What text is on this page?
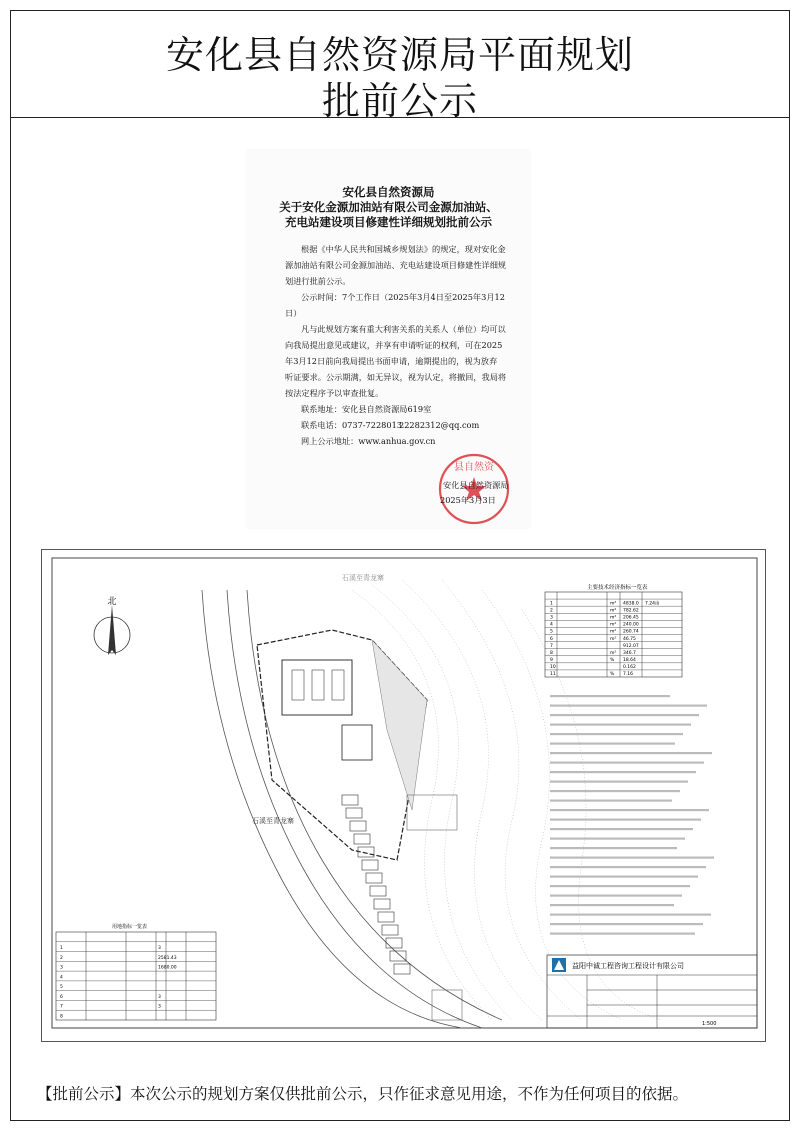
安化县自然资源局平面规划
批前公示
安化县自然资源局
关于安化金源加油站有限公司金源加油站、
充电站建设项目修建性详细规划批前公示
根据《中华人民共和国城乡规划法》的规定，现对安化金
源加油站有限公司金源加油站、充电站建设项目修建性详细规
划进行批前公示。
公示时间：7个工作日（2025年3月4日至2025年3月12
日）
凡与此规划方案有重大利害关系的关系人（单位）均可以
向我局提出意见或建议，并享有申请听证的权利，可在2025
年3月12日前向我局提出书面申请，逾期提出的，视为放弃
听证要求。公示期满，如无异议，视为认定，将撤回，我局将
按法定程序予以审查批复。
联系地址：安化县自然资源局619室
联系电话：0737-7228013
22282312@qq.com
网上公示地址：www.anhua.gov.cn
县自然资
安化县自然资源局
2025年3月3日
北
石溪至青龙寨
石溪至青龙寨
主要技术经济指标一览表
1	m² 4838.0 7.24亩
2	m² 782.62
3	m² 206.45
4	m² 240.00
5	m² 260.74
6	m² 46.75
7	912.07
8	m² 346.7
9	% 18.64
10	0.162
11	% 7.16
用地指标一览表
1	3
2	2581.43
3	1680.00
4
5
6	3
7	3
8
益阳中诚工程咨询工程设计有限公司
1:500
【批前公示】本次公示的规划方案仅供批前公示，只作征求意见用途，不作为任何项目的依据。
